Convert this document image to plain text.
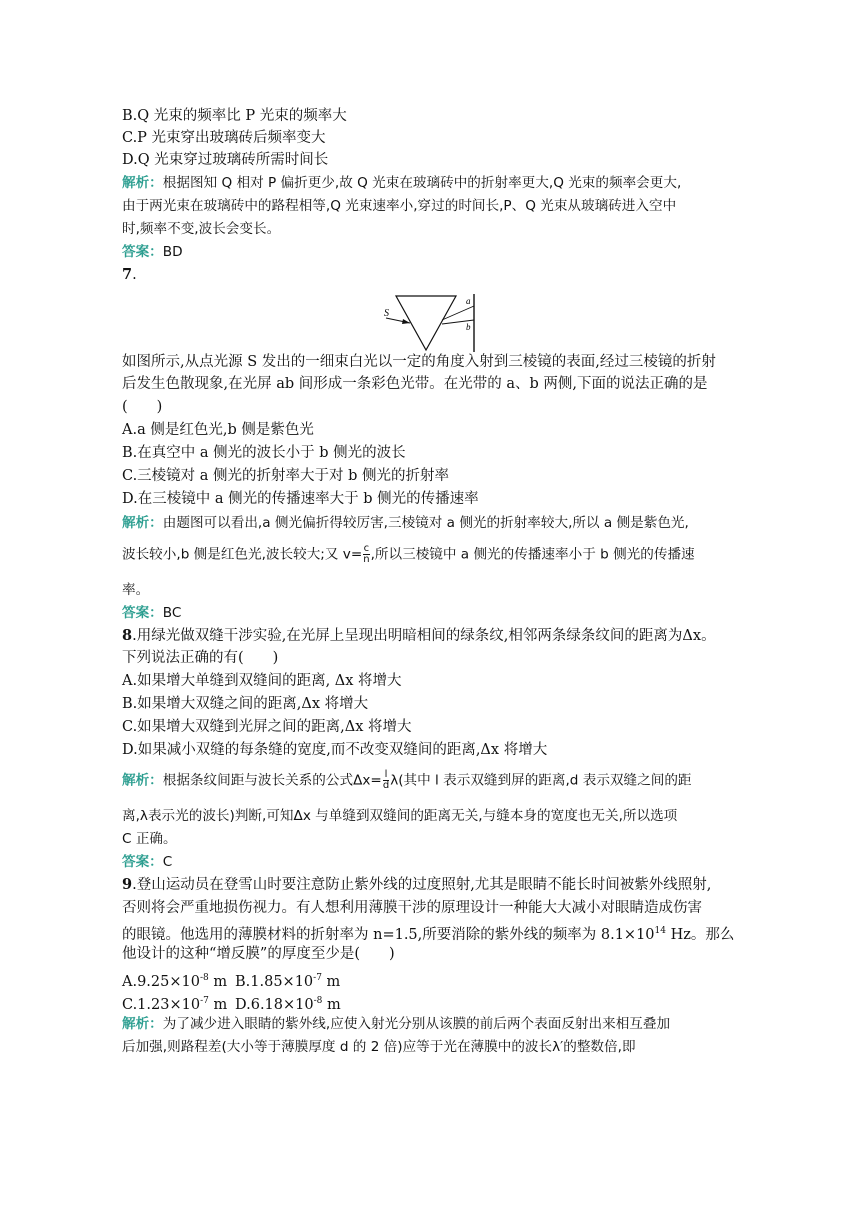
B.Q 光束的频率比 P 光束的频率大
C.P 光束穿出玻璃砖后频率变大
D.Q 光束穿过玻璃砖所需时间长
解析：根据图知 Q 相对 P 偏折更少,故 Q 光束在玻璃砖中的折射率更大,Q 光束的频率会更大,
由于两光束在玻璃砖中的路程相等,Q 光束速率小,穿过的时间长,P、Q 光束从玻璃砖进入空中
时,频率不变,波长会变长。
答案：BD
7.
S
a
b
如图所示,从点光源 S 发出的一细束白光以一定的角度入射到三棱镜的表面,经过三棱镜的折射
后发生色散现象,在光屏 ab 间形成一条彩色光带。在光带的 a、b 两侧,下面的说法正确的是
(　　)
A.a 侧是红色光,b 侧是紫色光
B.在真空中 a 侧光的波长小于 b 侧光的波长
C.三棱镜对 a 侧光的折射率大于对 b 侧光的折射率
D.在三棱镜中 a 侧光的传播速率大于 b 侧光的传播速率
解析：由题图可以看出,a 侧光偏折得较厉害,三棱镜对 a 侧光的折射率较大,所以 a 侧是紫色光,
波长较小,b 侧是红色光,波长较大;又 $v= \frac{c}{n}$ ,所以三棱镜中 a 侧光的传播速率小于 b 侧光的传播速
率。
答案：BC
8.用绿光做双缝干涉实验,在光屏上呈现出明暗相间的绿条纹,相邻两条绿条纹间的距离为Δx。
下列说法正确的有(　　)
A.如果增大单缝到双缝间的距离, Δx 将增大
B.如果增大双缝之间的距离,Δx 将增大
C.如果增大双缝到光屏之间的距离,Δx 将增大
D.如果减小双缝的每条缝的宽度,而不改变双缝间的距离,Δx 将增大
解析：根据条纹间距与波长关系的公式$\Delta x= \frac{l}{d} \lambda$(其中 l 表示双缝到屏的距离,d 表示双缝之间的距
离,λ表示光的波长)判断,可知Δx 与单缝到双缝间的距离无关,与缝本身的宽度也无关,所以选项
C 正确。
答案：C
9.登山运动员在登雪山时要注意防止紫外线的过度照射,尤其是眼睛不能长时间被紫外线照射,
否则将会严重地损伤视力。有人想利用薄膜干涉的原理设计一种能大大减小对眼睛造成伤害
的眼镜。他选用的薄膜材料的折射率为 n=1.5,所要消除的紫外线的频率为 $8.1\times 10^{14}$ Hz。那么
他设计的这种“增反膜”的厚度至少是(　　)
$A.9.25\times 10^{-8}$ m $B.1.85\times 10^{-7}$ m
$C.1.23\times 10^{-7}$ m $D.6.18\times 10^{-8}$ m
解析：为了减少进入眼睛的紫外线,应使入射光分别从该膜的前后两个表面反射出来相互叠加
后加强,则路程差(大小等于薄膜厚度 d 的 2 倍)应等于光在薄膜中的波长λ′的整数倍,即
